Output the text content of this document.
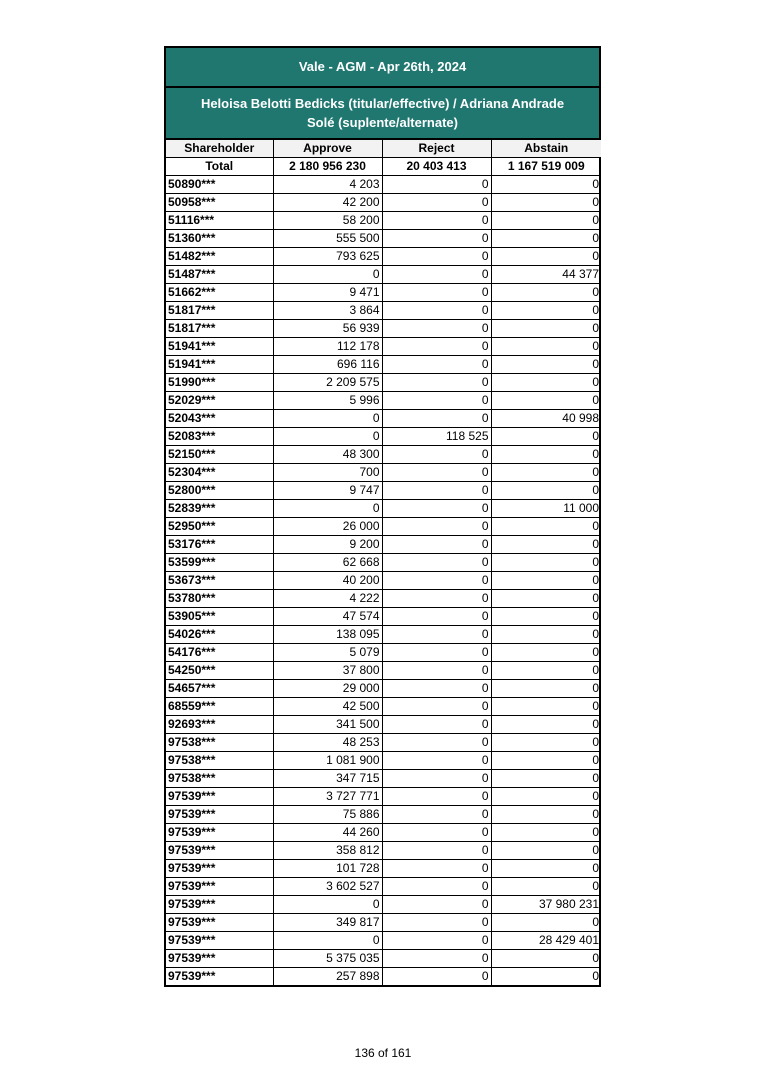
Vale - AGM - Apr 26th, 2024
Heloisa Belotti Bedicks (titular/effective) / Adriana Andrade Solé (suplente/alternate)
Shareholder	Approve	Reject	Abstain
Total	2 180 956 230	20 403 413	1 167 519 009
50890***	4 203	0	0
50958***	42 200	0	0
51116***	58 200	0	0
51360***	555 500	0	0
51482***	793 625	0	0
51487***	0	0	44 377
51662***	9 471	0	0
51817***	3 864	0	0
51817***	56 939	0	0
51941***	112 178	0	0
51941***	696 116	0	0
51990***	2 209 575	0	0
52029***	5 996	0	0
52043***	0	0	40 998
52083***	0	118 525	0
52150***	48 300	0	0
52304***	700	0	0
52800***	9 747	0	0
52839***	0	0	11 000
52950***	26 000	0	0
53176***	9 200	0	0
53599***	62 668	0	0
53673***	40 200	0	0
53780***	4 222	0	0
53905***	47 574	0	0
54026***	138 095	0	0
54176***	5 079	0	0
54250***	37 800	0	0
54657***	29 000	0	0
68559***	42 500	0	0
92693***	341 500	0	0
97538***	48 253	0	0
97538***	1 081 900	0	0
97538***	347 715	0	0
97539***	3 727 771	0	0
97539***	75 886	0	0
97539***	44 260	0	0
97539***	358 812	0	0
97539***	101 728	0	0
97539***	3 602 527	0	0
97539***	0	0	37 980 231
97539***	349 817	0	0
97539***	0	0	28 429 401
97539***	5 375 035	0	0
97539***	257 898	0	0
136 of 161
